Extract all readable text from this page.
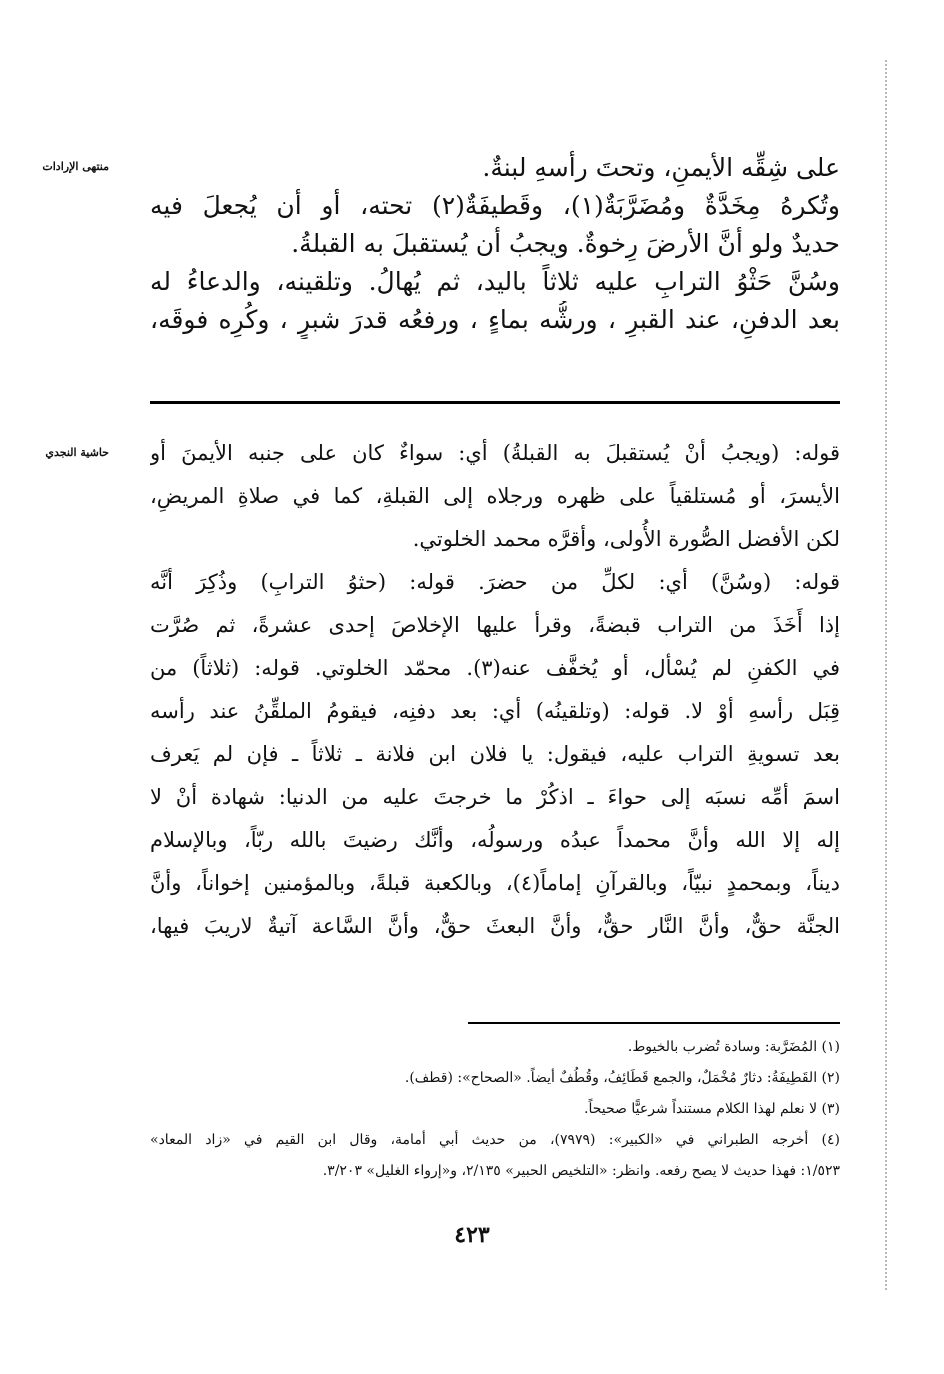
منتهى الإرادات
حاشية النجدي
على شِقِّه الأيمنِ، وتحتَ رأسهِ لبنةٌ.
وتُكرهُ مِخَدَّةٌ ومُضَرَّبَةٌ(١)، وقَطيفَةٌ(٢) تحته، أو أن يُجعلَ فيه
حديدٌ ولو أنَّ الأرضَ رِخوةٌ. ويجبُ أن يُستقبلَ به القبلةُ.
وسُنَّ حَثْوُ الترابِ عليه ثلاثاً باليد، ثم يُهالُ. وتلقينه، والدعاءُ له
بعد الدفنِ، عند القبرِ ، ورشُّه بماءٍ ، ورفعُه قدرَ شبرٍ ، وكُرِه فوقَه،
قوله: (ويجبُ أنْ يُستقبلَ به القبلةُ) أي: سواءٌ كان على جنبه الأيمنَ أو
الأيسرَ، أو مُستلقياً على ظهره ورجلاه إلى القبلةِ، كما في صلاةِ المريضِ،
لكن الأفضل الصُّورة الأُولى، وأقرَّه محمد الخلوتي.
قوله: (وسُنَّ) أي: لكلِّ من حضرَ. قوله: (حثوُ الترابِ) وذُكِرَ أنَّه
إذا أَخَذَ من التراب قبضةً، وقرأ عليها الإخلاصَ إحدى عشرةً، ثم صُرَّت
في الكفنِ لم يُسْأل، أو يُخفَّف عنه(٣). محمّد الخلوتي. قوله: (ثلاثاً) من
قِبَل رأسهِ أوْ لا. قوله: (وتلقينُه) أي: بعد دفنِه، فيقومُ الملقِّنُ عند رأسه
بعد تسويةِ التراب عليه، فيقول: يا فلان ابن فلانة ـ ثلاثاً ـ فإن لم يَعرف
اسمَ أمِّه نسبَه إلى حواءَ ـ اذكُرْ ما خرجتَ عليه من الدنيا: شهادة أنْ لا
إله إلا الله وأنَّ محمداً عبدُه ورسولُه، وأنَّك رضيتَ بالله ربّاً، وبالإسلام
ديناً، وبمحمدٍ نبيّاً، وبالقرآنِ إماماً(٤)، وبالكعبة قبلةً، وبالمؤمنين إخواناً، وأنَّ
الجنَّة حقٌّ، وأنَّ النَّار حقٌّ، وأنَّ البعثَ حقٌّ، وأنَّ السَّاعة آتيةٌ لاريبَ فيها،
(١) المُضَرَّبة: وسادة تُضرب بالخيوط.
(٢) القَطِيفَةُ: دثارٌ مُخْمَلٌ، والجمع قَطَائِفُ، وقُطُفٌ أيضاً. «الصحاح»: (قطف).
(٣) لا نعلم لهذا الكلام مستنداً شرعيًّا صحيحاً.
(٤) أخرجه الطبراني في «الكبير»: (٧٩٧٩)، من حديث أبي أمامة، وقال ابن القيم في «زاد المعاد»
١/٥٢٣: فهذا حديث لا يصح رفعه. وانظر: «التلخيص الحبير» ٢/١٣٥، و«إرواء الغليل» ٣/٢٠٣.
٤٢٣
